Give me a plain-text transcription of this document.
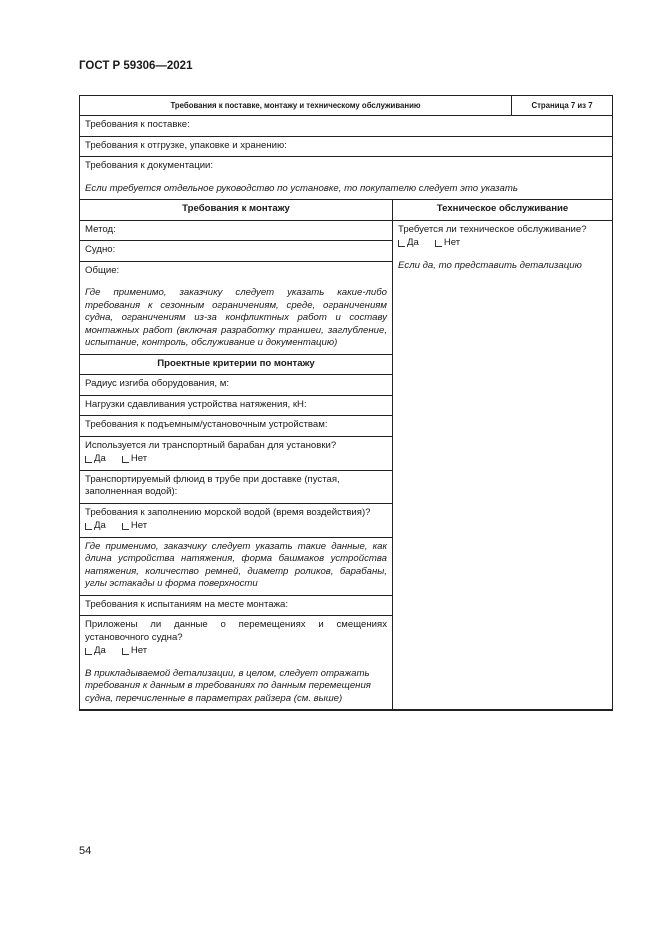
ГОСТ Р 59306—2021
Требования к поставке, монтажу и техническому обслуживанию	Страница 7 из 7
Требования к поставке:
Требования к отгрузке, упаковке и хранению:
Требования к документации:
Если требуется отдельное руководство по установке, то покупателю следует это указать
Требования к монтажу
Метод:
Судно:
Общие:
Где применимо, заказчику следует указать какие-либо требования к сезонным ограничениям, среде, ограничениям судна, ограничениям из-за конфликтных работ и составу монтажных работ (включая разработку траншеи, заглубление, испытание, контроль, обслуживание и документацию)
Проектные критерии по монтажу
Радиус изгиба оборудования, м:
Нагрузки сдавливания устройства натяжения, кН:
Требования к подъемным/установочным устройствам:
Используется ли транспортный барабан для установки?
Да	Нет
Транспортируемый флюид в трубе при доставке (пустая, заполненная водой):
Требования к заполнению морской водой (время воздействия)?
Да	Нет
Где применимо, заказчику следует указать такие данные, как длина устройства натяжения, форма башмаков устройства натяжения, количество ремней, диаметр роликов, барабаны, углы эстакады и форма поверхности
Требования к испытаниям на месте монтажа:
Приложены ли данные о перемещениях и смещениях установочного судна?
Да	Нет
В прикладываемой детализации, в целом, следует отражать требования к данным в требованиях по данным перемещения судна, перечисленные в параметрах райзера (см. выше)
Техническое обслуживание
Требуется ли техническое обслуживание?
Да	Нет
Если да, то представить детализацию
54
